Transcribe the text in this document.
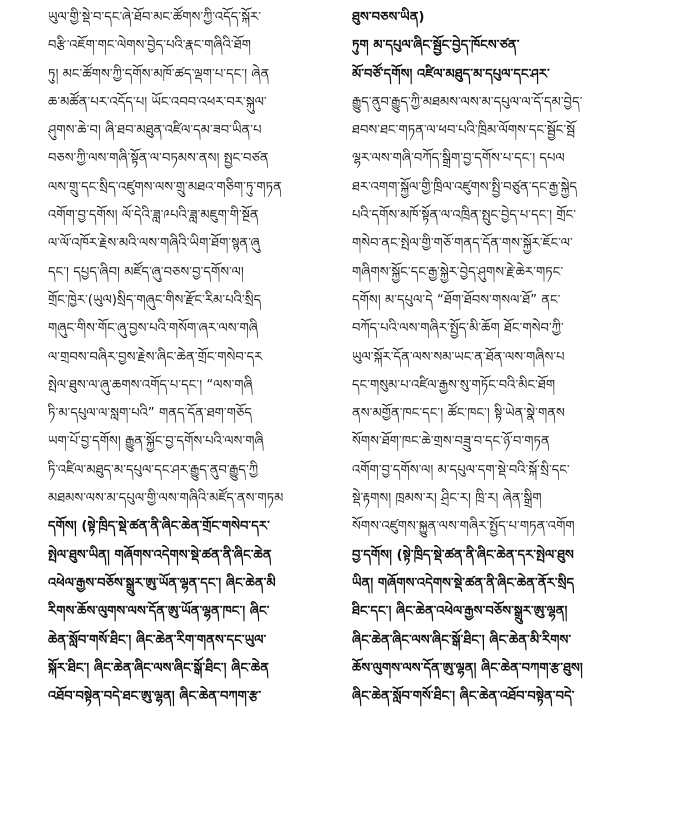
ཡུལ་གྱི་སྡེ་བ་དང་ཞེ་ཐོབ་མང་ཚོགས་ཀྱི་འདོད་སྐོར་
བརྩི་འཇོག་གང་ལེགས་བྱེད་པའི་རྣང་གཞིའི་ཐོག
ཏུ། མང་ཚོགས་ཀྱི་དགོས་མཁོ་ཚད་ལྡག་པ་དང་། ཞེན
ཆ་མཚོན་པར་འདོད་པ། ཡོང་འབབ་འཕར་བར་སྐུལ་
ཤུགས་ཆེ་བ། ཞི་ཐབ་མཐུན་འཛིལ་དམ་ཟབ་ཡིན་པ
བཅས་ཀྱི་ལས་གཞི་སྟོན་ལ་བཏམས་ནས། སྤྱང་བཙན
ལས་གྲུ་དང་སྲིད་འཛུགས་ལས་གྲུ་མཐའ་གཅིག་ཏུ་གཏན
འགོག་བྱ་དགོས། ལོ་དེའི་ཟླ་༩པའི་ཟླ་མཇུག་གི་སྔོན
ལ་ལོ་འཁོར་རྗེས་མའི་ལས་གཞིའི་ཡིག་ཐོག་སྙན་ཞུ
དང་། དཔྱད་ཞིབ། མཛོད་ཞུ་བཅས་བྱ་དགོས་ལ།
གྲོང་ཁྱེར་(ཡུལ)སྲིད་གཞུང་གིས་རྫོང་རིམ་པའི་སྲིད
གཞུང་གིས་གོང་ཞུ་བྱས་པའི་གསོག་ཞར་ལས་གཞི
ལ་གྲབས་བཞིར་བྱས་རྗེས་ཞིང་ཆེན་གྲོང་གསེབ་དར
སྤེལ་ཐུས་ལ་ཞུ་ཆགས་འགོད་པ་དང་། “ལས་གཞི
ཏི་མ་དཔུལ་ལ་སླག་པའི” གནད་དོན་ཐག་གཅོད
ཡག་པོ་བྱ་དགོས། རྒྱུན་སྐྱོང་བྱ་དགོས་པའི་ལས་གཞི
ཏི་འཛིལ་མཐུད་མ་དཔུལ་དང་ཤར་རྒྱུད་ནུབ་རྒྱུད་ཀྱི
མཐམས་ལས་མ་དཔུལ་གྱི་ལས་གཞིའི་མཛོད་ནས་གཏམ
དགོས། (སྟེ་ཁྲིད་སྡེ་ཚན་ནི་ཞིང་ཆེན་གྲོང་གསེབ་དར་
སྤེལ་ཐུས་ཡིན། གཞོགས་འདེགས་སྡེ་ཚན་ནི་ཞིང་ཆེན
འཕེལ་རྒྱས་བཅོས་སྒྲུར་ཨུ་ཡོན་ལྷན་དང་། ཞིང་ཆེན་མི
རིགས་ཆོས་ལུགས་ལས་དོན་ཨུ་ཡོན་ལྷན་ཁང་། ཞིང་
ཆེན་སློབ་གསོ་ཐིང་། ཞིང་ཆེན་རིག་གནས་དང་ཡུལ་
སྐོར་ཐིང་། ཞིང་ཆེན་ཞིང་ལས་ཞིང་སྒོ་ཐིང་། ཞིང་ཆེན
འཐོབ་བསྟེན་བདེ་ཐང་ཨུ་ལྷན། ཞིང་ཆེན་བཀག་རྩ་
ཐུས་བཅས་ཡིན)
ཏུག མ་དཔུལ་ཞིང་སྦྱོང་བྱེད་ཁོངས་ཙན་
མོ་བཙོ་དགོས། འཛིལ་མཐུད་མ་དཔུལ་དང་ཤར་
རྒྱུད་ནུབ་རྒྱུད་ཀྱི་མཐམས་ལས་མ་དཔུལ་ལ་དོ་དམ་བྱེད་
ཐབས་ཐང་གཏན་ལ་ཕབ་པའི་ཁྲིམ་ལོགས་དང་སྦྱོང་སྦོ
ལྷར་ལས་གཞི་བཀོད་སྒྲིག་བྱ་དགོས་པ་དང་། དཔལ
ཐར་འགག་སྐྱོལ་གྱི་ཁྲིལ་འཛུགས་སྤྱི་བཙུན་དང་རྒྱ་སྐྱེད
པའི་དགོས་མཁོ་སྟོན་ལ་འཁྲིན་སྤུང་བྱེད་པ་དང་། གྲོང་
གསེབ་ནང་སྤེལ་གྱི་གཅོ་གནད་དོན་གས་སྐྱོར་ཇོང་ལ་
གཞིགས་སྐྱོང་དང་རྒྱ་སྐྱེར་བྱེད་ཤུགས་རྗེ་ཆེར་གཏང་
དགོས། མ་དཔུལ་དེ “ཐོག་ཐོབས་གསལ་ཐོ” ནང་
བཀོད་པའི་ལས་གཞིར་སྤྱོད་མི་ཆོག ཐོང་གསེབ་ཀྱི་
ཡུལ་སྐོར་དོན་ལས་སམ་ཡང་ན་ཐོན་ལས་གཞིས་པ
དང་གསུམ་པ་འཛིལ་རྒྱས་སུ་གཏོང་བའི་མིང་ཐོག
ནས་མགྱོན་ཁང་དང་། ཚོང་ཁང་། སྟི་ཡེན་སྣེ་གནས
སོགས་ཐོག་ཁང་ཆེ་གྲས་བཟྲུ་བ་དང་ཉོ་བ་གཏན
འགོག་བྱ་དགོས་ལ། མ་དཔུལ་དག་སྡེ་བའི་སྐོ་སྲི་དང་
སྡེ་རྟགས། ཁྲམས་ར། ཤྲིང་ར། ཁྲི་ར། ཞེན་སྒྲིག
སོགས་འཛུགས་སྐྱུན་ལས་གཞིར་སྤྱོད་པ་གཏན་འགོག
བྱ་དགོས། (སྟེ་ཁྲིད་སྡེ་ཚན་ནི་ཞིང་ཆེན་དར་སྤེལ་ཐུས
ཡིན། གཞོགས་འདེགས་སྡེ་ཚན་ནི་ཞིང་ཆེན་ནོར་སྲིད
ཐིང་དང་། ཞིང་ཆེན་འཕེལ་རྒྱས་བཅོས་སྒྲུར་ཨུ་ལྷན།
ཞིང་ཆེན་ཞིང་ལས་ཞིང་སྒོ་ཐིང་། ཞིང་ཆེན་མི་རིགས་
ཆོས་ལུགས་ལས་དོན་ཨུ་ལྷན། ཞིང་ཆེན་བཀག་རྩ་ཐུས།
ཞིང་ཆེན་སློབ་གསོ་ཐིང་། ཞིང་ཆེན་འཐོབ་བསྟེན་བདེ་
